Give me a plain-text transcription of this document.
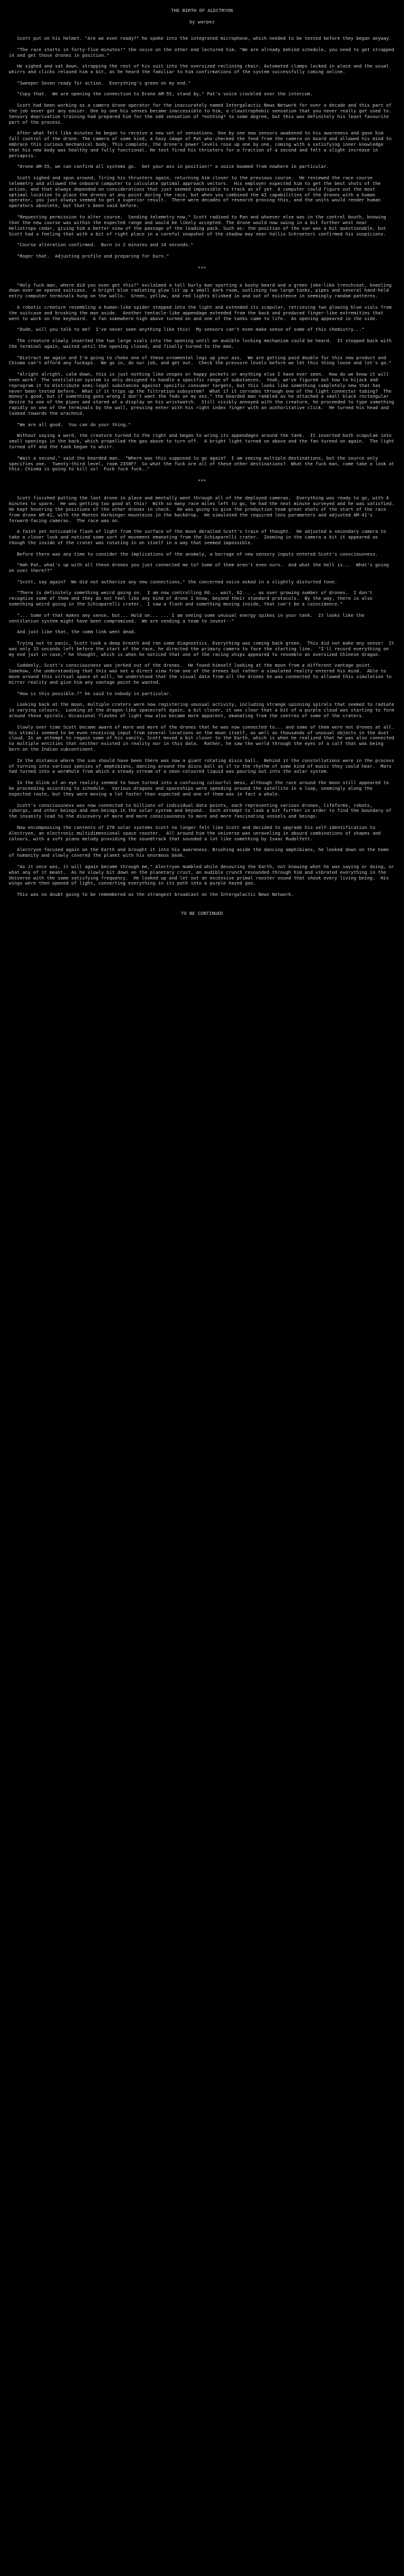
THE BIRTH OF ALECTRYON
by warpez

Scott put on his helmet. "Are we even ready?" he spoke into the integrated microphone, which needed to be tested before they began anyway.

"The race starts in forty-five minutes!" the voice on the other end lectured him. "We are already behind schedule, you need to get strapped in and get those drones in position."

He sighed and sat down, strapping the rest of his suit into the oversized reclining chair. Automated clamps locked in place and the usual whirrs and clicks relaxed him a bit, as he heard the familiar to him confirmations of the system successfully coming online.

"Sweeper Seven ready for action.  Everything's green on my end."

"Copy that.  We are opening the connection to Drone AM-55, stand by," Pat's voice crackled over the intercom.

Scott had been working as a camera drone operator for the inaccurately named Intergalactic News Network for over a decade and this part of the job never got any easier. One by one his senses became inaccessible to him, a claustrophobic sensation that you never really got used to.  Sensory deprivation training had prepared him for the odd sensation of *nothing* to some degree, but this was definitely his least favourite part of the process.

After what felt like minutes he began to receive a new set of sensations. One by one new sensors awakened to his awareness and gave him full control of the drone. The camera of some kind, a hazy image of Pat who checked the feed from the camera on board and allowed his mind to embrace this curious mechanical body. This complete, the drone's power levels rose up one by one, coming with a satisfying inner knowledge that his new body was healthy and fully functional. He test fired his thrusters for a fraction of a second and felt a slight increase in periapsis.

"Drone AM-55, we can confirm all systems go.  Get your ass in position!" a voice boomed from nowhere in particular.

Scott sighed and spun around, firing his thrusters again, returning him closer to the previous course.  He reviewed the race course telemetry and allowed the onboard computer to calculate optimal approach vectors.  His employer expected him to get the best shots of the action, and that always depended on considerations that just seemed impossible to track as of yet. A computer could figure out the most optimal location to place the drones at any point during the race, but when you combined the AI capabilities of the drones with a human operator, you just always seemed to get a superior result.  There were decades of research proving this, and the units would render human operators obsolete, but that's been said before.

"Requesting permission to alter course.  Sending telemetry now," Scott radioed to Pan and whoever else was in the control booth, knowing that the new course was within the expected range and would be likely accepted. The drone would now swing in a bit further west near Heliotropa cedar, giving him a better view of the passage of the leading pack. Such as: the position of the sun was a bit questionable, but Scott had a feeling that with a bit of right place in a careful snapshot of the shadow may near Vallis Schroeteri confirmed his suspicions.

"Course alteration confirmed.  Burn in 2 minutes and 14 seconds."

"Roger that.  Adjusting profile and preparing for burn."

***

"Holy fuck man, where did you even get this?" exclaimed a tall burly man sporting a bushy beard and a green joke-like trenchcoat, kneeling down over an opened suitcase.  A bright blue radiating glow lit up a small dark room, outlining two large tanks, pipes and several hand-held entry computer terminals hung on the walls.  Green, yellow, and red lights blinked in and out of existence in seemingly random patterns.

A robotic creature resembling a human-like spider stepped into the light and extended its scapular, retrieving two glowing blue vials from the suitcase and brushing the man aside.  Another tentacle-like appendage extended from the back and produced finger-like extremities that went to work on the keyboard.  A fan somewhere high above turned on and one of the tanks came to life.  An opening appeared in the side.

"Dude, will you talk to me?  I've never seen anything like this!  My sensors can't even make sense of some of this chemistry..."

The creature slowly inserted the two large vials into the opening until an audible locking mechanism could be heard.  It stepped back with the terminal again, waited until the opening closed, and finally turned to the man.

"Distract me again and I'm going to choke one of these ornamental legs up your ass.  We are getting paid double for this new product and Chioma can't afford any fuckups.  We go in, do our job, and get out.  Check the pressure levels before we let this thing loose and let's go."

"Alright alright, calm down, this is just nothing like vespes or happy pockets or anything else I have ever seen.  How do we know it will even work?  The ventilation system is only designed to handle a specific range of substances.  Yeah, we've figured out how to hijack and reprogram it to distribute semi-legal substances against specific consumer targets, but this looks like something completely new that has never been tested before.  What if it trips up the filtration subsystem?  What if it corrodes through one of the light connector tubing?  The money's good, but if something goes wrong I don't want the feds on my ass," the bearded man rambled as he attached a small black rectangular device to one of the pipes and stared at a display on his wristwatch.  Still visibly annoyed with the creature, he proceeded to type something rapidly on one of the terminals by the wall, pressing enter with his right index finger with an authoritative click.  He turned his head and looked towards the arachnid.

"We are all good.  You can do your thing."

Without saying a word, the creature turned to the right and began to wring its appendages around the tank.  It inserted both scapulae into small openings in the back, which propelled the gas above to turn off.  A bright light turned on above and the fan turned on again.  The light turned off and the tank began to whirr.

"Wait a second," said the bearded man.  "Where was this supposed to go again?  I am seeing multiple destinations, but the source only specifies one.  Twenty-third level, room 2358F?  So what the fuck are all of these other destinations?  What the fuck man, come take a look at this. Chioma is going to kill us!  Fuck fuck fuck.."

***

Scott finished putting the last drone in place and mentally went through all of the deployed cameras.  Everything was ready to go, with 4 minutes to spare.  He was getting too good at this!  With so many race miles left to go, he had the next minute surveyed and he was satisfied.  He kept hovering the positions of the other drones in check.  He was going to give the production team great shots of the start of the race from drone AM-41, with the Montes Harbinger mountains in the backdrop.  He simulated the required lens parameters and adjusted AM-41's forward-facing cameras.  The race was on.

A faint yet noticeable flash of light from the surface of the moon derailed Scott's train of thought.  He adjusted a secondary camera to take a closer look and noticed some sort of movement emanating from the Schiaparelli crater.  Zooming in the camera a bit it appeared as though the inside of the crater was rotating in on itself in a way that seemed impossible.

Before there was any time to consider the implications of the anomaly, a barrage of new sensory inputs entered Scott's consciousness.

"Hah Pat, what's up with all these drones you just connected me to? Some of them aren't even ours.  And what the hell is...  What's going on over there??"

"Scott, say again?  We did not authorize any new connections," the concerned voice asked in a slightly distorted tone.

"There is definitely something weird going on.  I am now controlling 60... wait, 62... , as over growing number of drones.  I don't recognize some of them and they do not feel like any kind of drone I know, beyond their standard protocols.  By the way, there is also something weird going in the Schiaparelli crater.  I saw a flash and something moving inside, that can't be a coincidence."

"... Some of that makes any sense, but... Hold on... ... I am seeing some unusual energy spikes in your tank.  It looks like the ventilation system might have been compromised.  We are sending a team to invest--"

And just like that, the comm link went dead.

Trying not to panic, Scott took a deep breath and ran some diagnostics. Everything was coming back green.  This did not make any sense!  It was only 15 seconds left before the start of the race, he directed the primary camera to face the starting line.  "I'll record everything on my end just in case," he thought, which is when he noticed that one of the racing ships appeared to resemble an oversized Chinese dragon.

Suddenly, Scott's consciousness was jerked out of the drones.  He found himself looking at the moon from a different vantage point.  Somehow, the understanding that this was not a direct view from one of the drones but rather a simulated reality entered his mind.  Able to move around this virtual space at will, he understood that the visual data from all the drones he was connected to allowed this simulation to mirror reality and give him any vantage point he wanted.

"How is this possible.?" he said to nobody in particular.

Looking back at the moon, multiple craters were now registering unusual activity, including strange spinning spirals that seemed to radiate in varying colours.  Looking at the dragon-like spacecraft again, a bit closer, it was clear that a bit of a purple cloud was starting to form around these spirals. Occasional flashes of light now also became more apparent, emanating from the centres of some of the craters.

Slowly over time Scott became aware of more and more of the drones that he was now connected to... and some of them were not drones at all.  His stimuli seemed to be even receiving input from several locations on the moon itself, as well as thousands of unusual objects in the dust cloud. In an attempt to regain some of his sanity, Scott moved a bit closer to the Earth, which is when he realized that he was also connected to multiple entities that neither existed in reality nor in this data.  Rather, he saw the world through the eyes of a calf that was being born on the Indian subcontinent.

In the distance where the sun should have been there was now a giant rotating disco ball.  Behind it the constellations were in the process of turning into various species of amphibians, dancing around the disco ball as if to the rhythm of some kind of music they could hear.  Mars had turned into a wormhole from which a steady stream of a neon-coloured liquid was pouring out into the solar system.

In the blink of an eye reality seemed to have turned into a confusing colourful mess, although the race around the moon still appeared to be proceeding according to schedule.  Various dragons and spaceships were speeding around the satellite in a loop, seemingly along the expected route, but they were moving a lot faster than expected and one of them was in fact a whale.

Scott's consciousness was now connected to billions of individual data points, each representing various drones, lifeforms, robots, cyborgs, and other beings and non-beings in the solar system and beyond.  Each attempt to look a bit further in order to find the boundary of the insanity lead to the discovery of more and more consciousness to more and more fascinating vessels and beings.

Now encompassing the contents of 278 solar systems Scott no longer felt like Scott and decided to upgrade his self-identification to Alectryon, an electronic multidimensional space rooster.  All around him the universe was unraveling in absurd combinations of shapes and colours, with a soft piano melody providing the soundtrack that sounded a lot like something by Isaac Rudolfett.

Alectryon focused again on the Earth and brought it into his awareness. Brushing aside the dancing amphibians, he looked down on the home of humanity and slowly covered the planet with his enormous beak.

"As it once was, it will again become through me," Alectryon mumbled while devouring the Earth, not knowing what he was saying or doing, or what any of it meant.  As he slowly bit down on the planetary crust, an audible crunch resounded through him and vibrated everything in the Universe with the same satisfying frequency.  He looked up and let out an excessive primal rooster sound that shook every living being.  His wings were then opened of light, converting everything in its path into a purple hazed goo.

This was no doubt going to be remembered as the strangest broadcast on the Intergalactic News Network.

TO BE CONTINUED
